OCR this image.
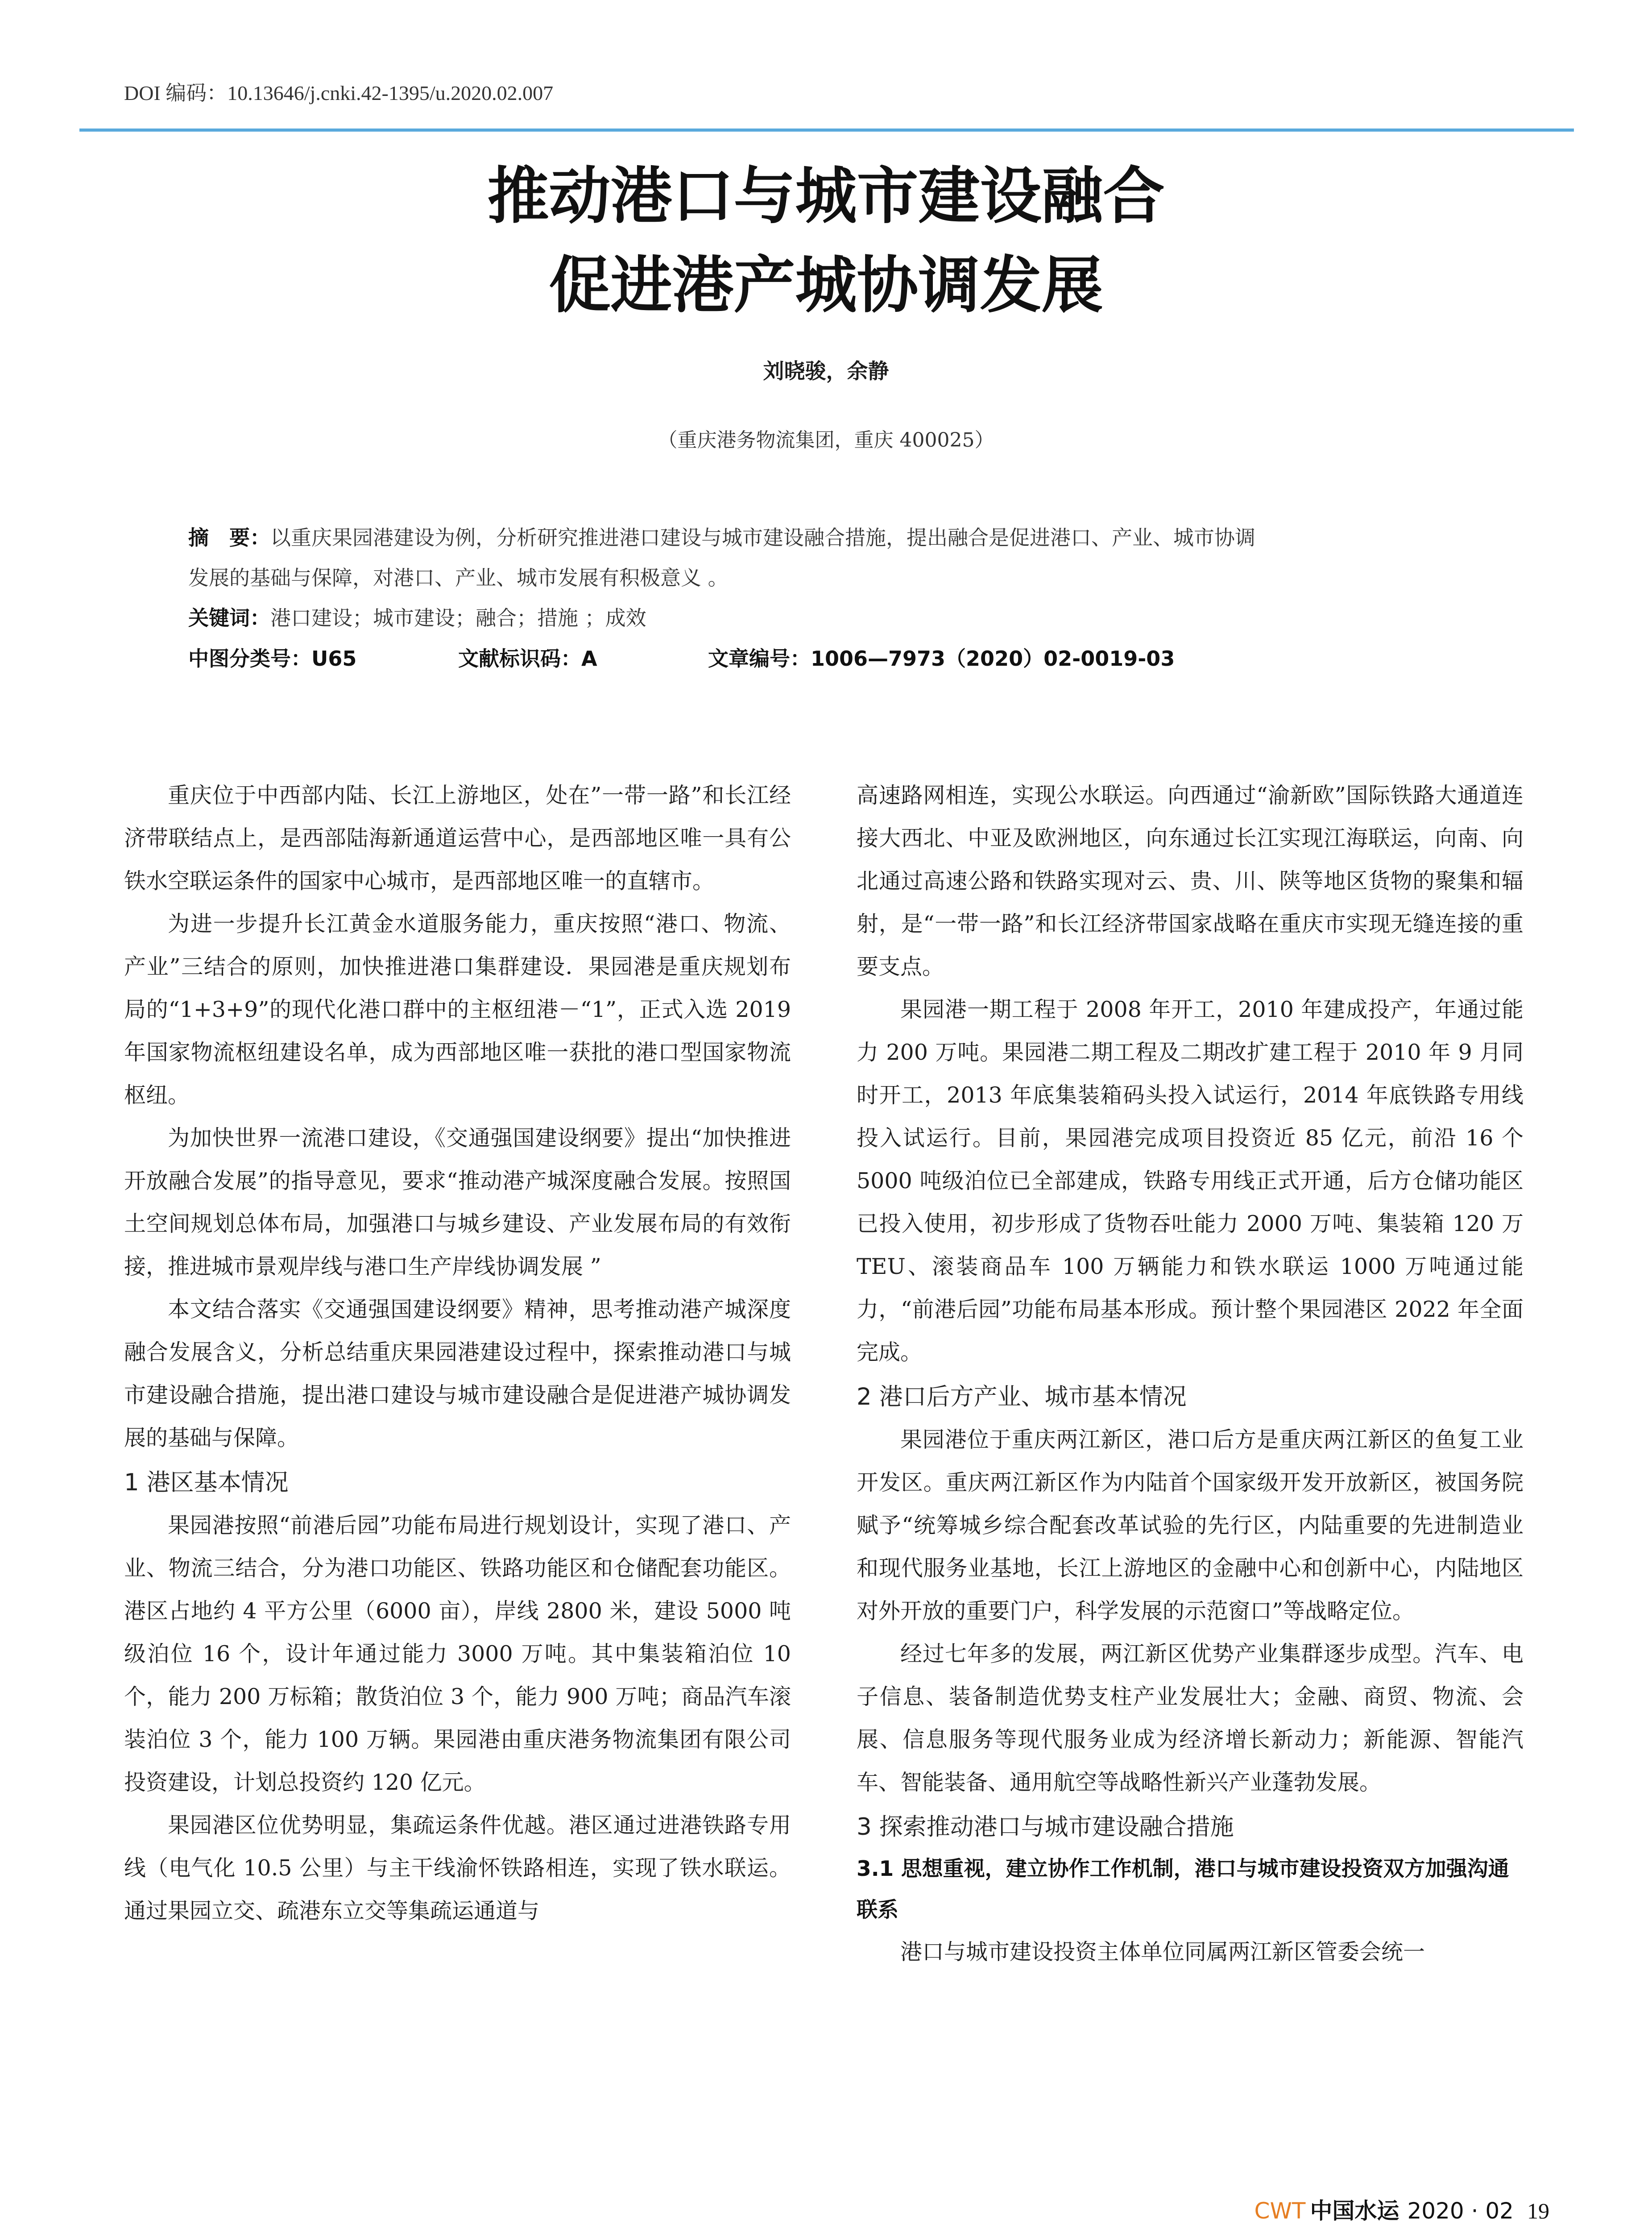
DOI 编码：10.13646/j.cnki.42-1395/u.2020.02.007
推动港口与城市建设融合
促进港产城协调发展
刘晓骏，余静
（重庆港务物流集团，重庆 400025）
摘　要：以重庆果园港建设为例，分析研究推进港口建设与城市建设融合措施，提出融合是促进港口、产业、城市协调
发展的基础与保障，对港口、产业、城市发展有积极意义 。
关键词：港口建设；城市建设；融合；措施 ；成效
中图分类号：U65	文献标识码：A	文章编号：1006—7973（2020）02-0019-03

重庆位于中西部内陆、长江上游地区，处在”一带一路”和长江经济带联结点上，是西部陆海新通道运营中心，是西部地区唯一具有公铁水空联运条件的国家中心城市，是西部地区唯一的直辖市。

为进一步提升长江黄金水道服务能力，重庆按照“港口、物流、产业”三结合的原则，加快推进港口集群建设．果园港是重庆规划布局的“1+3+9”的现代化港口群中的主枢纽港－“1”，正式入选 2019 年国家物流枢纽建设名单，成为西部地区唯一获批的港口型国家物流枢纽。

为加快世界一流港口建设，《交通强国建设纲要》提出“加快推进开放融合发展”的指导意见，要求“推动港产城深度融合发展。按照国土空间规划总体布局，加强港口与城乡建设、产业发展布局的有效衔接，推进城市景观岸线与港口生产岸线协调发展 ”

本文结合落实《交通强国建设纲要》精神，思考推动港产城深度融合发展含义，分析总结重庆果园港建设过程中，探索推动港口与城市建设融合措施，提出港口建设与城市建设融合是促进港产城协调发展的基础与保障。

1 港区基本情况

果园港按照“前港后园”功能布局进行规划设计，实现了港口、产业、物流三结合，分为港口功能区、铁路功能区和仓储配套功能区。港区占地约 4 平方公里（6000 亩），岸线 2800 米，建设 5000 吨级泊位 16 个，设计年通过能力 3000 万吨。其中集装箱泊位 10 个，能力 200 万标箱；散货泊位 3 个，能力 900 万吨；商品汽车滚装泊位 3 个，能力 100 万辆。果园港由重庆港务物流集团有限公司投资建设，计划总投资约 120 亿元。

果园港区位优势明显，集疏运条件优越。港区通过进港铁路专用线（电气化 10.5 公里）与主干线渝怀铁路相连，实现了铁水联运。通过果园立交、疏港东立交等集疏运通道与

高速路网相连，实现公水联运。向西通过“渝新欧”国际铁路大通道连接大西北、中亚及欧洲地区，向东通过长江实现江海联运，向南、向北通过高速公路和铁路实现对云、贵、川、陕等地区货物的聚集和辐射，是“一带一路”和长江经济带国家战略在重庆市实现无缝连接的重要支点。

果园港一期工程于 2008 年开工，2010 年建成投产，年通过能力 200 万吨。果园港二期工程及二期改扩建工程于 2010 年 9 月同时开工，2013 年底集装箱码头投入试运行，2014 年底铁路专用线投入试运行。目前，果园港完成项目投资近 85 亿元，前沿 16 个 5000 吨级泊位已全部建成，铁路专用线正式开通，后方仓储功能区已投入使用，初步形成了货物吞吐能力 2000 万吨、集装箱 120 万 TEU、滚装商品车 100 万辆能力和铁水联运 1000 万吨通过能力，“前港后园”功能布局基本形成。预计整个果园港区 2022 年全面完成。

2 港口后方产业、城市基本情况

果园港位于重庆两江新区，港口后方是重庆两江新区的鱼复工业开发区。重庆两江新区作为内陆首个国家级开发开放新区，被国务院赋予“统筹城乡综合配套改革试验的先行区，内陆重要的先进制造业和现代服务业基地，长江上游地区的金融中心和创新中心，内陆地区对外开放的重要门户，科学发展的示范窗口”等战略定位。

经过七年多的发展，两江新区优势产业集群逐步成型。汽车、电子信息、装备制造优势支柱产业发展壮大；金融、商贸、物流、会展、信息服务等现代服务业成为经济增长新动力；新能源、智能汽车、智能装备、通用航空等战略性新兴产业蓬勃发展。

3 探索推动港口与城市建设融合措施
3.1 思想重视，建立协作工作机制，港口与城市建设投资双方加强沟通联系

港口与城市建设投资主体单位同属两江新区管委会统一

CWT 中国水运 2020 · 02 19
